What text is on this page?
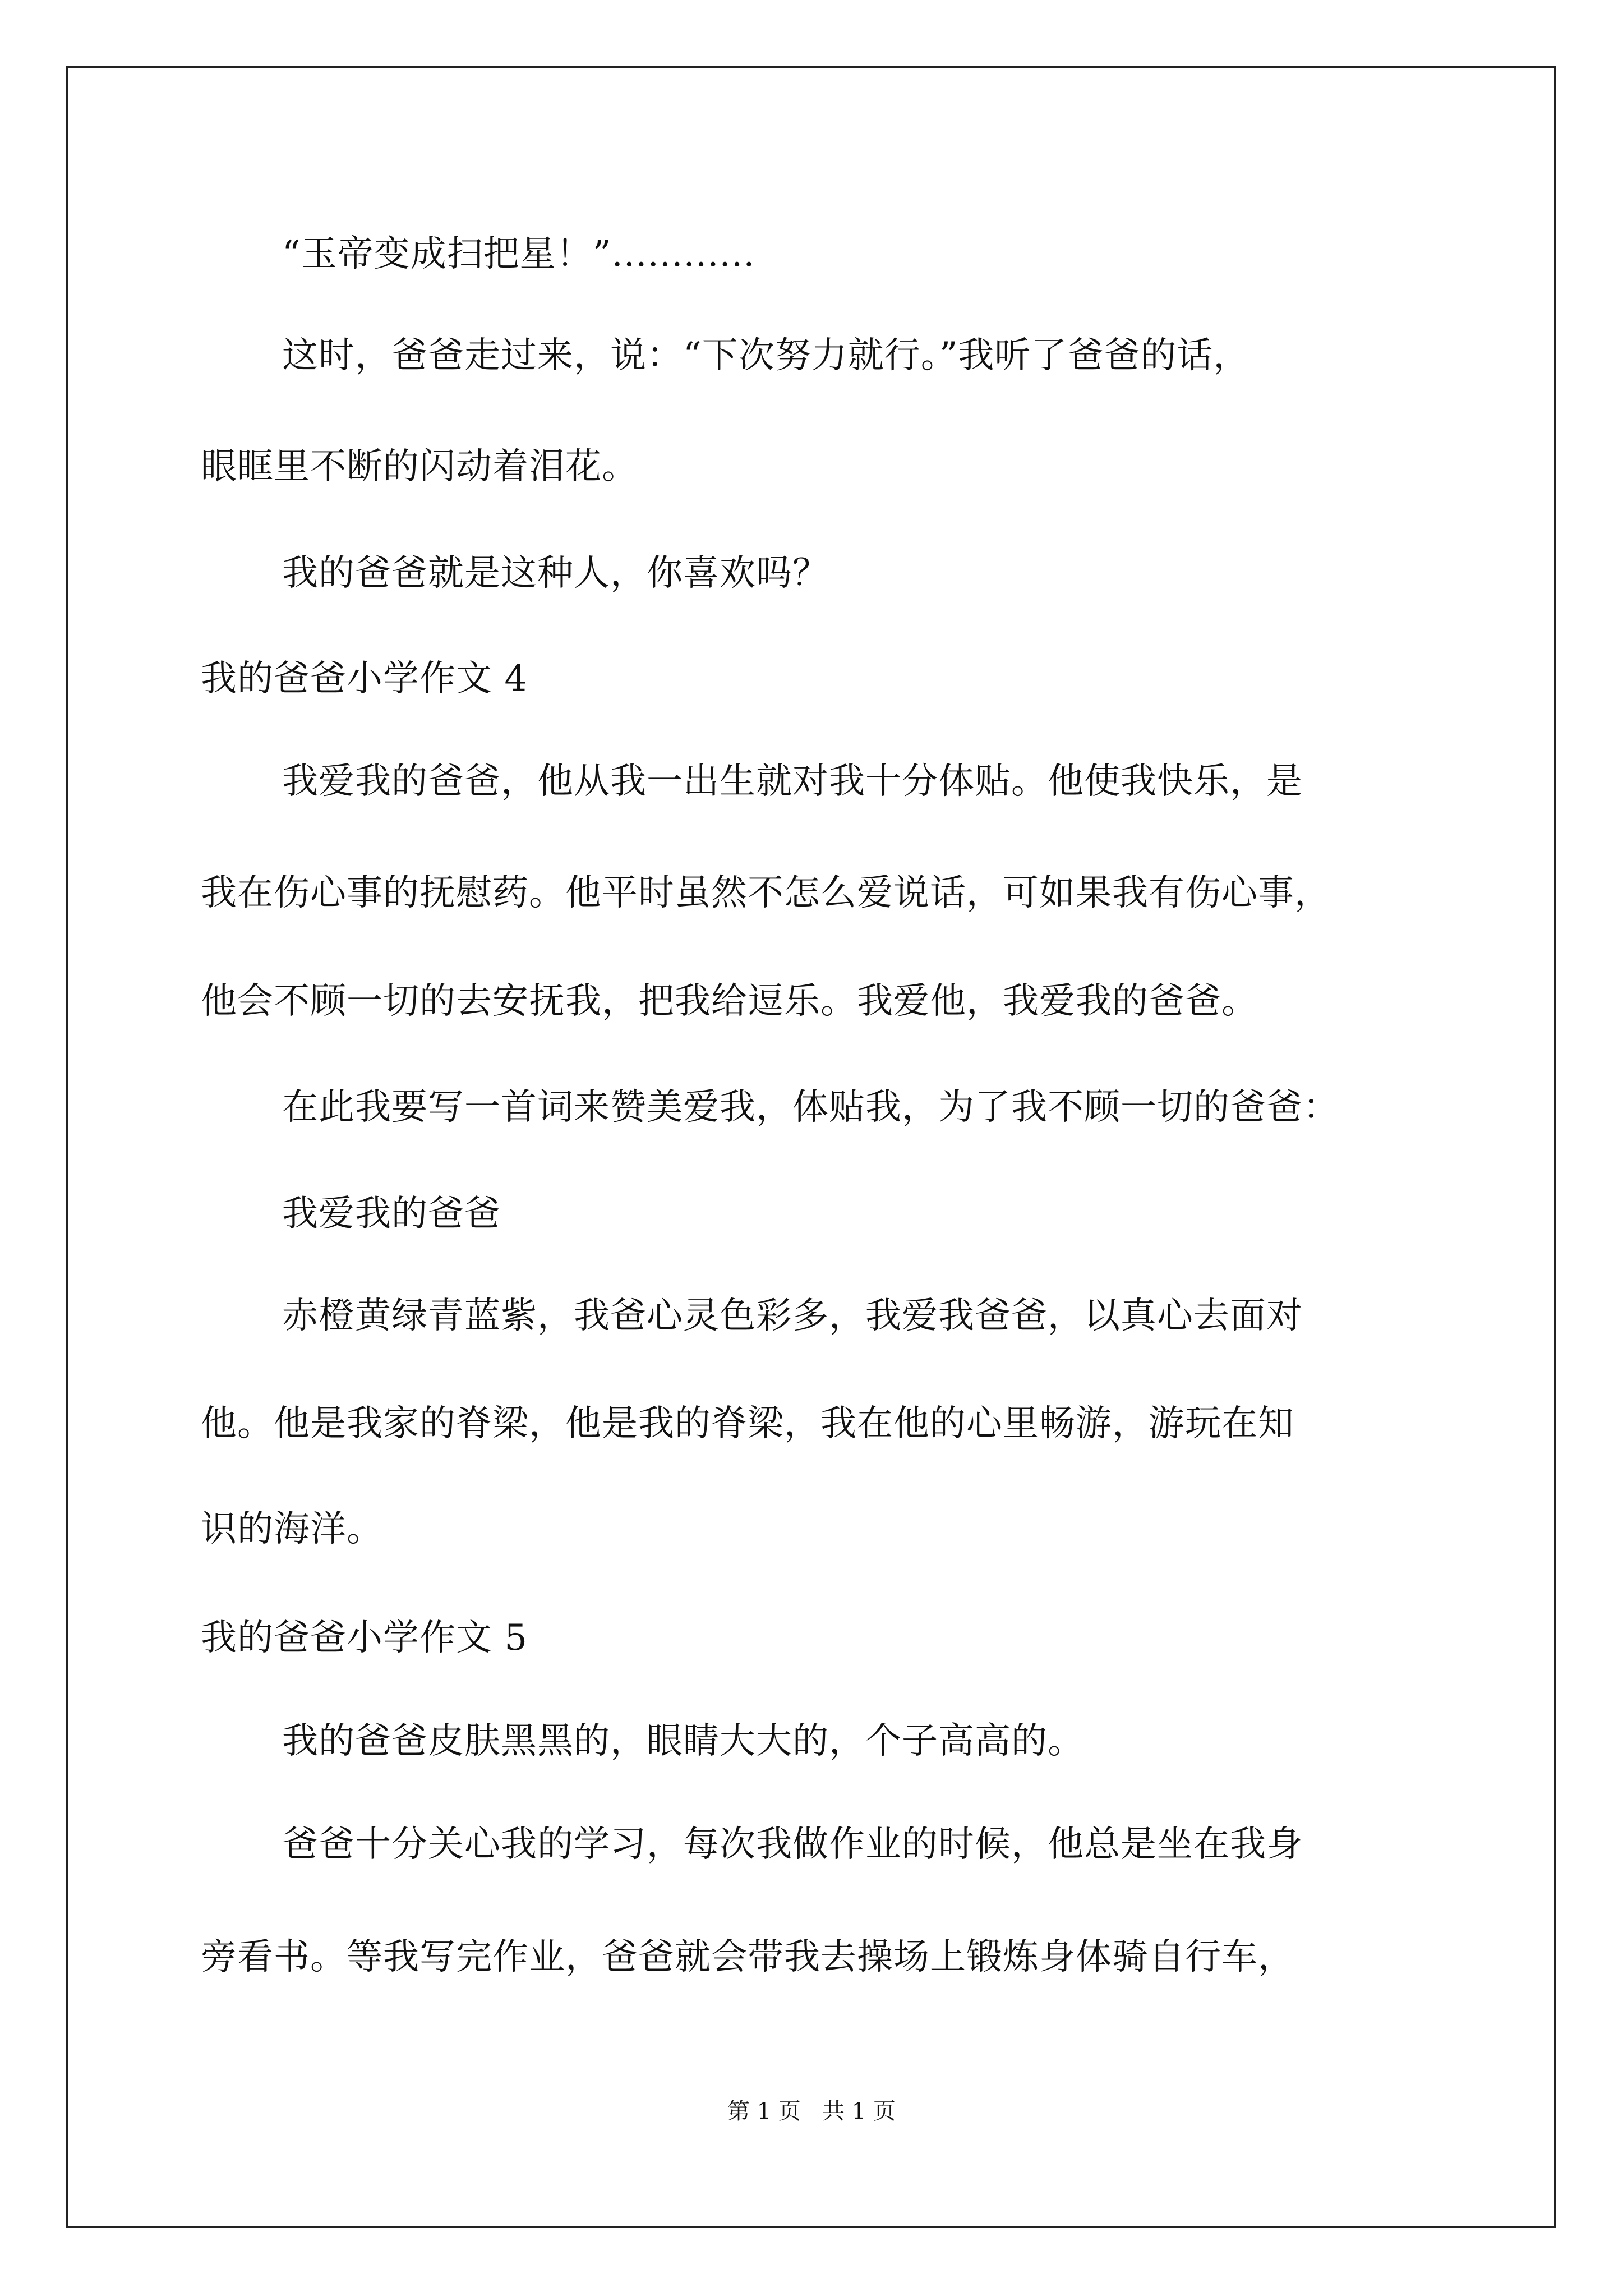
“玉帝变成扫把星！”............
这时，爸爸走过来，说：“下次努力就行。”我听了爸爸的话，
眼眶里不断的闪动着泪花。
我的爸爸就是这种人，你喜欢吗？
我的爸爸小学作文 4
我爱我的爸爸，他从我一出生就对我十分体贴。他使我快乐，是
我在伤心事的抚慰药。他平时虽然不怎么爱说话，可如果我有伤心事，
他会不顾一切的去安抚我，把我给逗乐。我爱他，我爱我的爸爸。
在此我要写一首词来赞美爱我，体贴我，为了我不顾一切的爸爸：
我爱我的爸爸
赤橙黄绿青蓝紫，我爸心灵色彩多，我爱我爸爸，以真心去面对
他。他是我家的脊梁，他是我的脊梁，我在他的心里畅游，游玩在知
识的海洋。
我的爸爸小学作文 5
我的爸爸皮肤黑黑的，眼睛大大的，个子高高的。
爸爸十分关心我的学习，每次我做作业的时候，他总是坐在我身
旁看书。等我写完作业，爸爸就会带我去操场上锻炼身体骑自行车，
第 1 页   共 1 页
